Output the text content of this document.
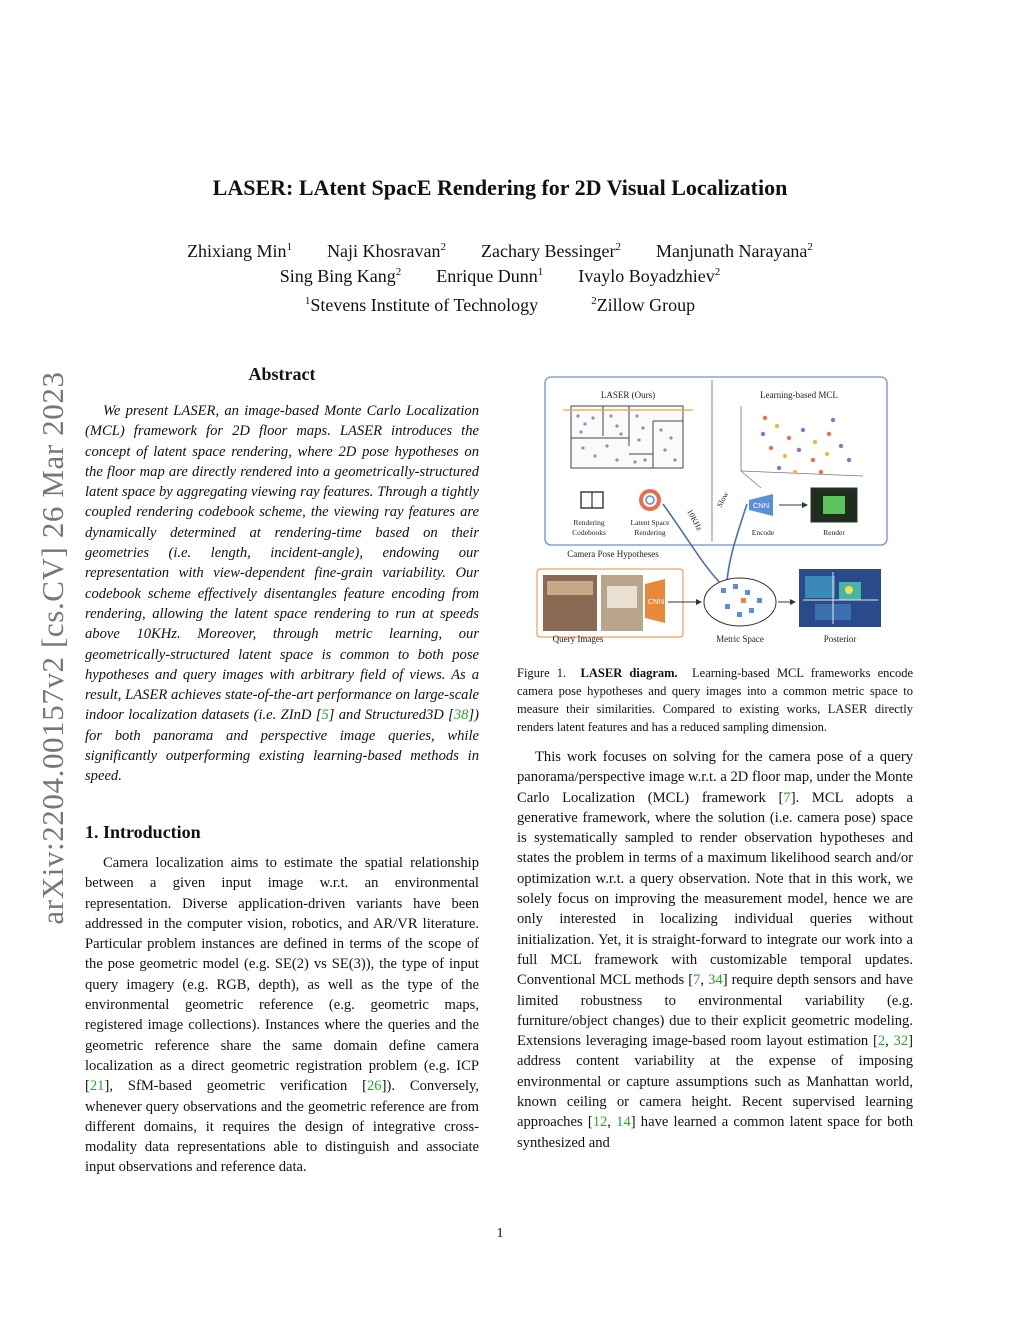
arXiv:2204.00157v2 [cs.CV] 26 Mar 2023
LASER: LAtent SpacE Rendering for 2D Visual Localization
Zhixiang Min$^1$ Naji Khosravan$^2$ Zachary Bessinger$^2$ Manjunath Narayana$^2$
Sing Bing Kang$^2$ Enrique Dunn$^1$ Ivaylo Boyadzhiev$^2$
$^1$Stevens Institute of Technology	$^2$Zillow Group
Abstract

We present LASER, an image-based Monte Carlo Localization (MCL) framework for 2D floor maps. LASER introduces the concept of latent space rendering, where 2D pose hypotheses on the floor map are directly rendered into a geometrically-structured latent space by aggregating viewing ray features. Through a tightly coupled rendering codebook scheme, the viewing ray features are dynamically determined at rendering-time based on their geometries (i.e. length, incident-angle), endowing our representation with view-dependent fine-grain variability. Our codebook scheme effectively disentangles feature encoding from rendering, allowing the latent space rendering to run at speeds above 10KHz. Moreover, through metric learning, our geometrically-structured latent space is common to both pose hypotheses and query images with arbitrary field of views. As a result, LASER achieves state-of-the-art performance on large-scale indoor localization datasets (i.e. ZInD [5] and Structured3D [38]) for both panorama and perspective image queries, while significantly outperforming existing learning-based methods in speed.

1. Introduction

Camera localization aims to estimate the spatial relationship between a given input image w.r.t. an environmental representation. Diverse application-driven variants have been addressed in the computer vision, robotics, and AR/VR literature. Particular problem instances are defined in terms of the scope of the pose geometric model (e.g. SE(2) vs SE(3)), the type of input query imagery (e.g. RGB, depth), as well as the type of the environmental geometric reference (e.g. geometric maps, registered image collections). Instances where the queries and the geometric reference share the same domain define camera localization as a direct geometric registration problem (e.g. ICP [21], SfM-based geometric verification [26]). Conversely, whenever query observations and the geometric reference are from different domains, it requires the design of integrative cross-modality data representations able to distinguish and associate input observations and reference data.

LASER (Ours)	Learning-based MCL
Rendering
Codebooks
Latent Space
Rendering
CNN
Encode	Render
10KHz
Slow
Camera Pose Hypotheses
CNN
Query Images	Metric Space	Posterior
Figure 1. LASER diagram. Learning-based MCL frameworks encode camera pose hypotheses and query images into a common metric space to measure their similarities. Compared to existing works, LASER directly renders latent features and has a reduced sampling dimension.

This work focuses on solving for the camera pose of a query panorama/perspective image w.r.t. a 2D floor map, under the Monte Carlo Localization (MCL) framework [7]. MCL adopts a generative framework, where the solution (i.e. camera pose) space is systematically sampled to render observation hypotheses and states the problem in terms of a maximum likelihood search and/or optimization w.r.t. a query observation. Note that in this work, we solely focus on improving the measurement model, hence we are only interested in localizing individual queries without initialization. Yet, it is straight-forward to integrate our work into a full MCL framework with customizable temporal updates. Conventional MCL methods [7, 34] require depth sensors and have limited robustness to environmental variability (e.g. furniture/object changes) due to their explicit geometric modeling. Extensions leveraging image-based room layout estimation [2, 32] address content variability at the expense of imposing environmental or capture assumptions such as Manhattan world, known ceiling or camera height. Recent supervised learning approaches [12, 14] have learned a common latent space for both synthesized and

1
